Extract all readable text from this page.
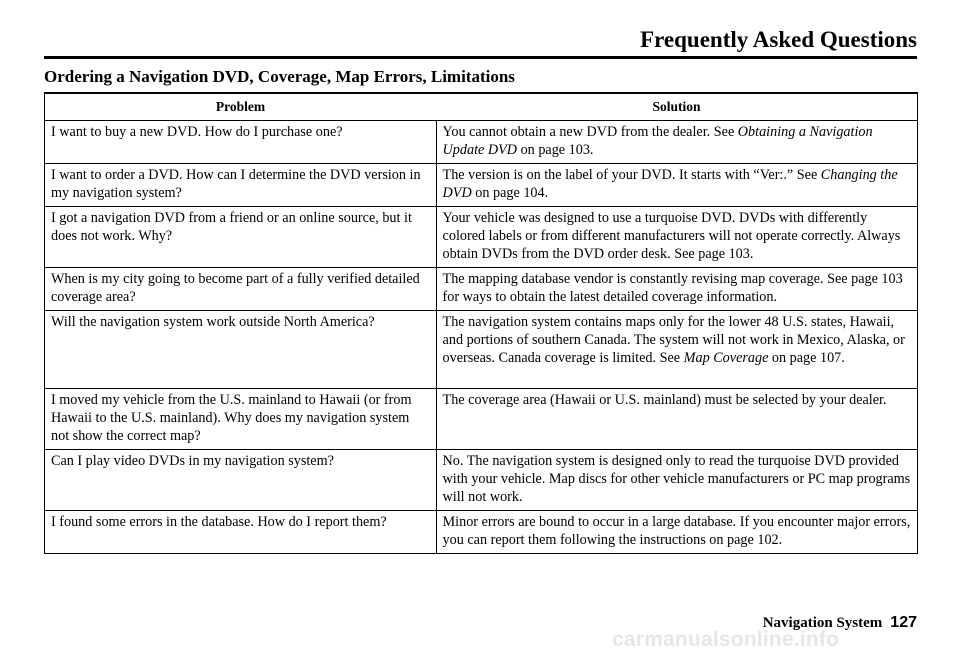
Frequently Asked Questions
Ordering a Navigation DVD, Coverage, Map Errors, Limitations
Problem	Solution
I want to buy a new DVD. How do I purchase one?	You cannot obtain a new DVD from the dealer. See Obtaining a Navigation Update DVD on page 103.
I want to order a DVD. How can I determine the DVD version in my navigation system?	The version is on the label of your DVD. It starts with “Ver:.” See Changing the DVD on page 104.
I got a navigation DVD from a friend or an online source, but it does not work. Why?	Your vehicle was designed to use a turquoise DVD. DVDs with differently colored labels or from different manufacturers will not operate correctly. Always obtain DVDs from the DVD order desk. See page 103.
When is my city going to become part of a fully verified detailed coverage area?	The mapping database vendor is constantly revising map coverage. See page 103 for ways to obtain the latest detailed coverage information.
Will the navigation system work outside North America?	The navigation system contains maps only for the lower 48 U.S. states, Hawaii, and portions of southern Canada. The system will not work in Mexico, Alaska, or overseas. Canada coverage is limited. See Map Coverage on page 107.
I moved my vehicle from the U.S. mainland to Hawaii (or from Hawaii to the U.S. mainland). Why does my navigation system not show the correct map?	The coverage area (Hawaii or U.S. mainland) must be selected by your dealer.
Can I play video DVDs in my navigation system?	No. The navigation system is designed only to read the turquoise DVD provided with your vehicle. Map discs for other vehicle manufacturers or PC map programs will not work.
I found some errors in the database. How do I report them?	Minor errors are bound to occur in a large database. If you encounter major errors, you can report them following the instructions on page 102.
Navigation System 127
carmanualsonline.info
